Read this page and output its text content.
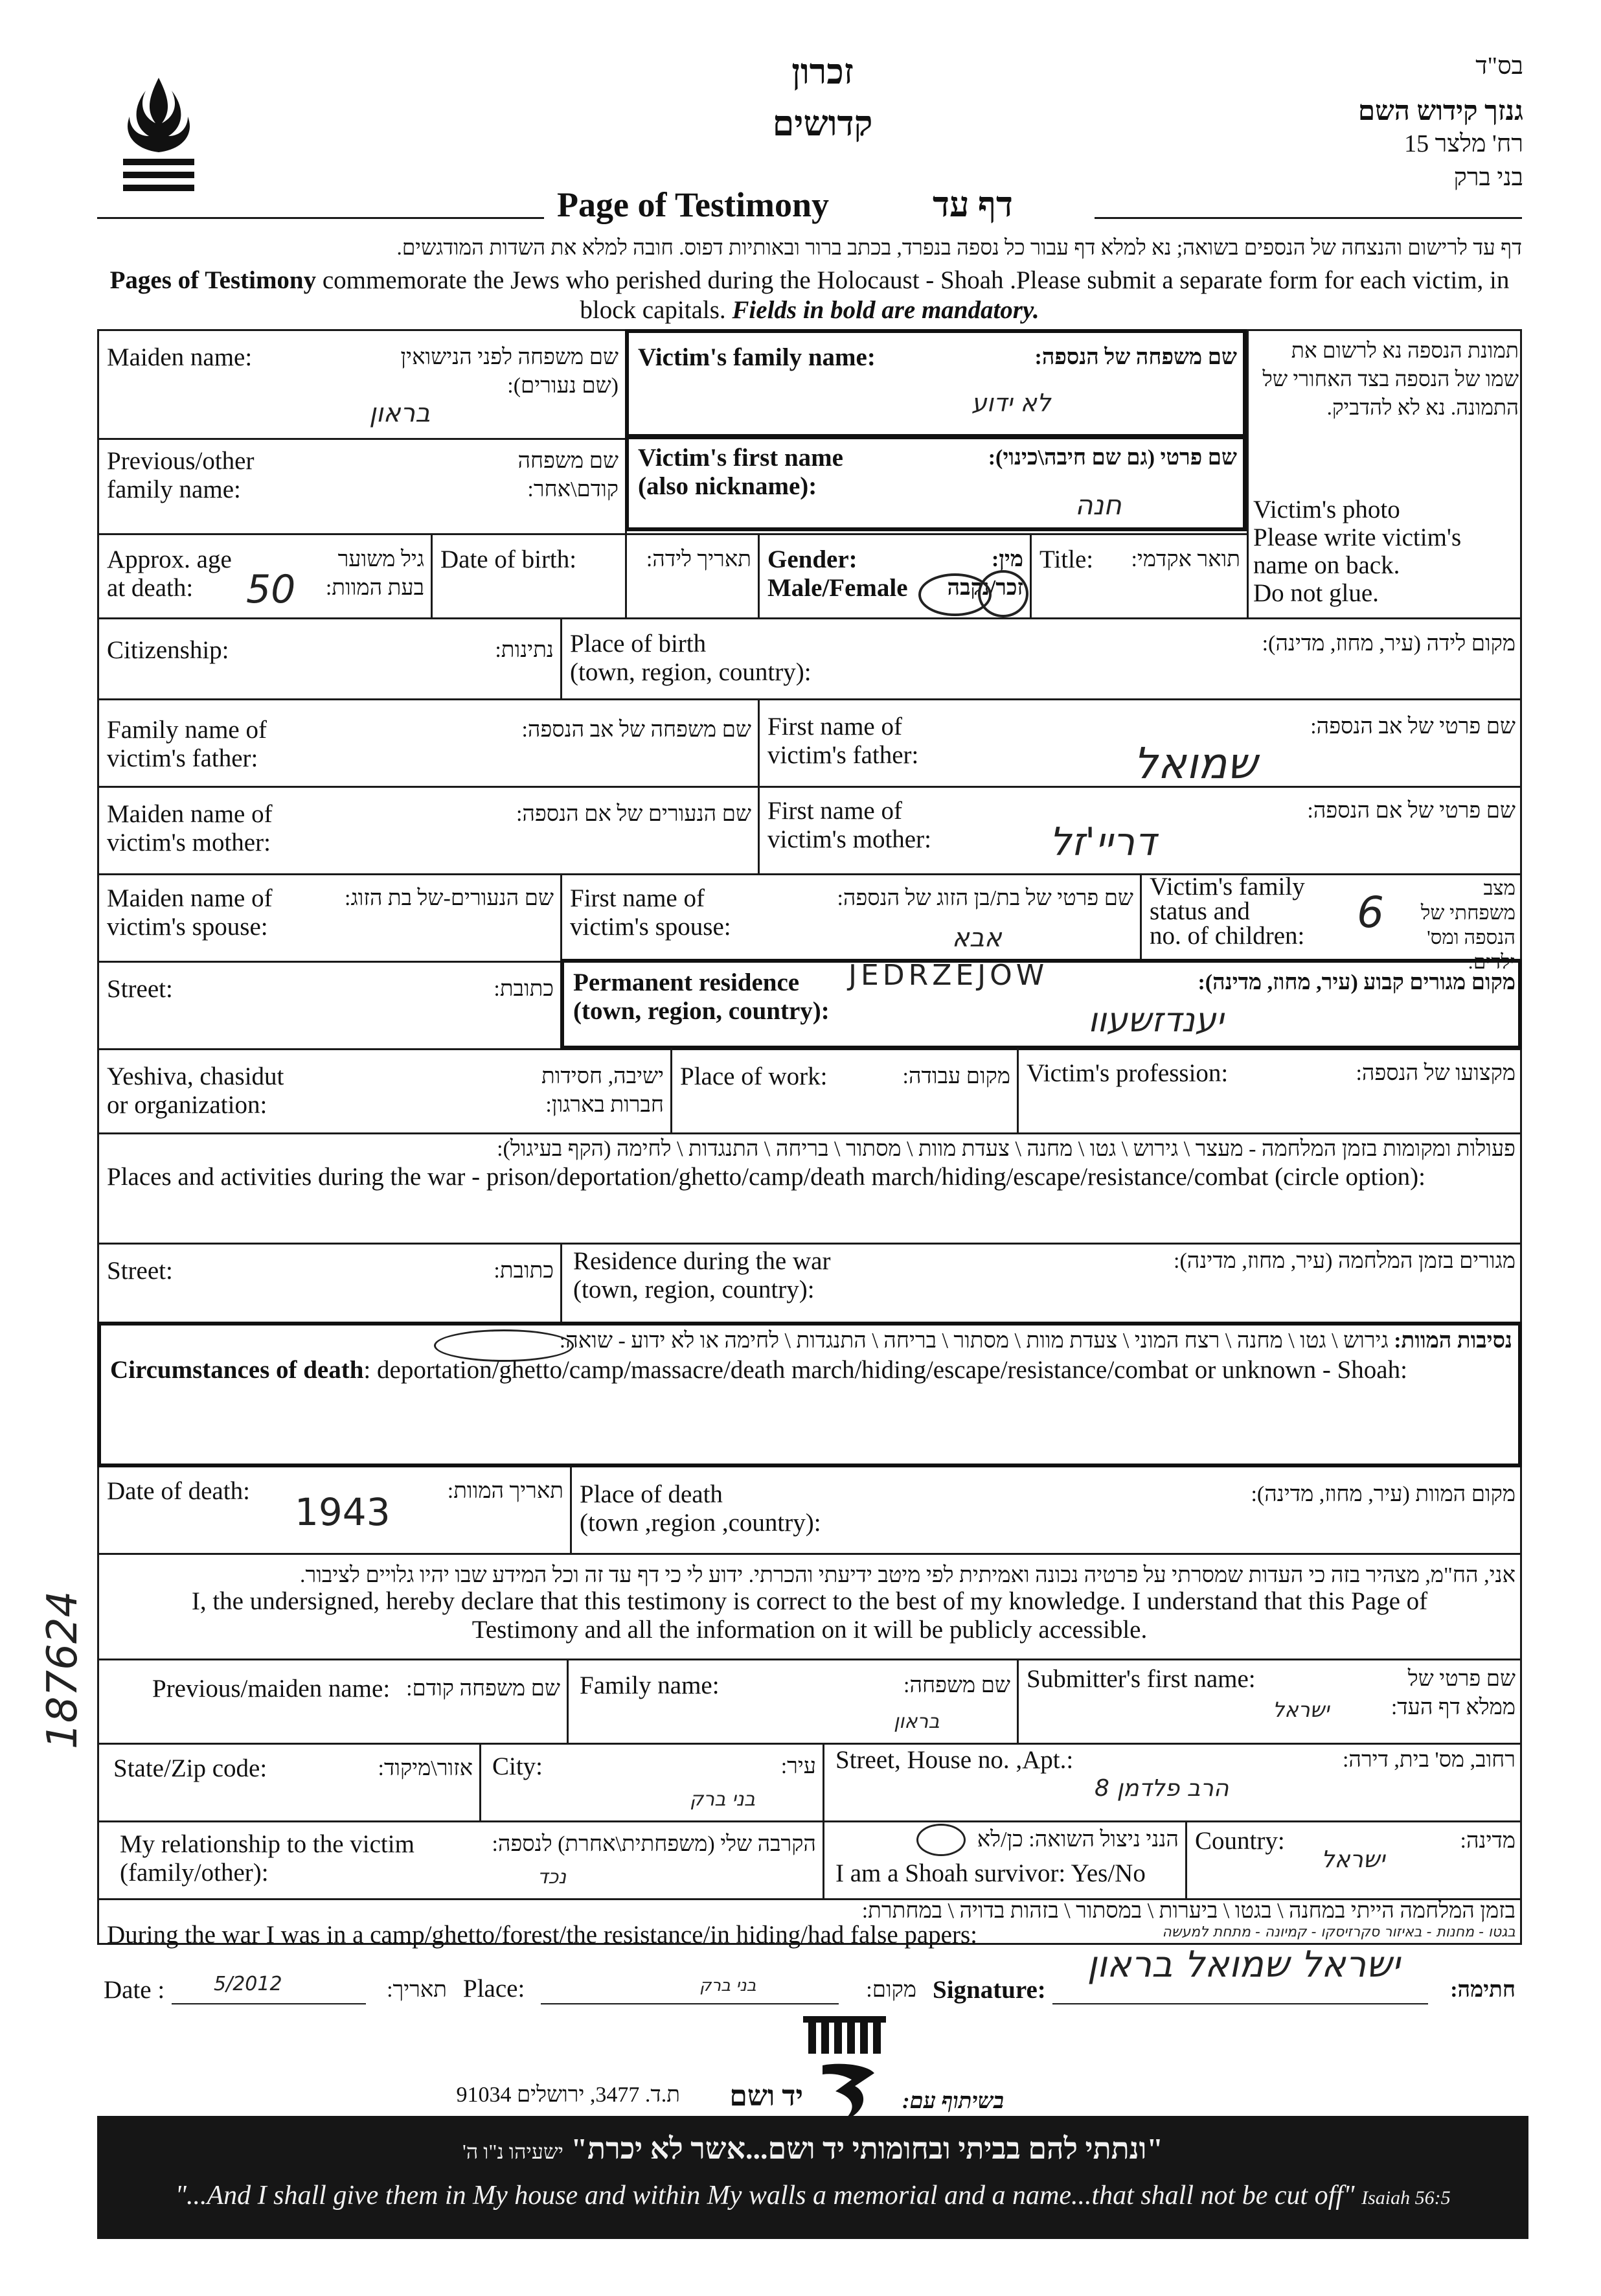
זכרון
קדושים
בס"ד
גנזך קידוש השם
רח' מלצר 15
בני ברק
Page of Testimony	דף עד
דף עד לרישום והנצחה של הנספים בשואה; נא למלא דף עבור כל נספה בנפרד, בכתב ברור ובאותיות דפוס. חובה למלא את השדות המודגשים.
Pages of Testimony commemorate the Jews who perished during the Holocaust - Shoah .Please submit a separate form for each victim, in block capitals. Fields in bold are mandatory.
תמונת הנספה נא לרשום את שמו של הנספה בצד האחורי של התמונה. נא לא להדביק.
Victim's photo
Please write victim's
name on back.
Do not glue.
Maiden name:	שם משפחה לפני הנישואין (שם נעורים):
בראון
Victim's family name:	שם משפחה של הנספה:
לא ידוע
Previous/other
family name:
שם משפחה קודם\אחר:
Victim's first name
(also nickname):
שם פרטי (גם שם חיבה\כינוי):
חנה
Approx. age
at death:
גיל משוער בעת המוות:
50
Date of birth:	תאריך לידה: Gender:
Male/Female
מין:
זכר/נקבה
Title:	תואר אקדמי:
Citizenship:	נתינות: Place of birth
(town, region, country):
מקום לידה (עיר, מחוז, מדינה):
Family name of
victim's father:
שם משפחה של אב הנספה: First name of
victim's father:
שם פרטי של אב הנספה:
שמואל
Maiden name of
victim's mother:
שם הנעורים של אם הנספה: First name of
victim's mother:
שם פרטי של אם הנספה:
דריי'זל
Maiden name of
victim's spouse:
שם הנעורים-של בת הזוג: First name of
victim's spouse:
שם פרטי של בת/בן הזוג של הנספה:
אבא
Victim's family
status and
no. of children:
מצב משפחתי של הנספה ומס' ילדים:
6
Street:	כתובת: Permanent residence
(town, region, country):
מקום מגורים קבוע (עיר, מחוז, מדינה):
JEDRZEJOW
יענדזשעוו
Yeshiva, chasidut
or organization:
ישיבה, חסידות חברות בארגון:
Place of work:	מקום עבודה: Victim's profession:	מקצועו של הנספה:
פעולות ומקומות בזמן המלחמה - מעצר \ גירוש \ גטו \ מחנה \ צעדת מוות \ מסתור \ בריחה \ התנגדות \ לחימה (הקף בעיגול):
Places and activities during the war - prison/deportation/ghetto/camp/death march/hiding/escape/resistance/combat (circle option):
Street:	כתובת: Residence during the war
(town, region, country):
מגורים בזמן המלחמה (עיר, מחוז, מדינה):
נסיבות המוות: גירוש \ גטו \ מחנה \ רצח המוני \ צעדת מוות \ מסתור \ בריחה \ התנגדות \ לחימה או לא ידוע - שואה:
Circumstances of death: deportation/ghetto/camp/massacre/death march/hiding/escape/resistance/combat or unknown - Shoah:
Date of death:	תאריך המוות:
1943	Place of death
(town ,region ,country):
מקום המוות (עיר, מחוז, מדינה):
אני, הח"מ, מצהיר בזה כי העדות שמסרתי על פרטיה נכונה ואמיתית לפי מיטב ידיעתי והכרתי. ידוע לי כי דף עד זה וכל המידע שבו יהיו גלויים לציבור.
I, the undersigned, hereby declare that this testimony is correct to the best of my knowledge. I understand that this Page of
Testimony and all the information on it will be publicly accessible.
187624	Previous/maiden name: שם משפחה קודם: Family name:	שם משפחה:
בראון
Submitter's first name:	שם פרטי של ממלא דף העד:
ישראל
State/Zip code:	אזור\מיקוד: City:	עיר:
בני ברק
Street, House no. ,Apt.:	רחוב, מס' בית, דירה:
הרב פלדמן 8
My relationship to the victim
(family/other):
הקרבה שלי (משפחתית\אחרת) לנספה:
נכד
הנני ניצול השואה: כן/לא
I am a Shoah survivor: Yes/No
Country:	מדינה:
ישראל
בזמן המלחמה הייתי במחנה \ בגטו \ ביערות \ במסתור \ בזהות בדויה \ במחתרת:
During the war I was in a camp/ghetto/forest/the resistance/in hiding/had false papers:	בגטו - מחנות - באיזור סקרזיסקו - קמיונה - מתחת למעשה
Date :	5/2012	תאריך: Place:	בני ברק	מקום: Signature:
ישראל שמואל בראון
חתימה:
בשיתוף עם:
יד ושם
ת.ד. 3477, ירושלים 91034
"ונתתי להם בביתי ובחומותי יד ושם...אשר לא יכרת" ישעיהו נ"ו ה'
"...And I shall give them in My house and within My walls a memorial and a name...that shall not be cut off" Isaiah 56:5
